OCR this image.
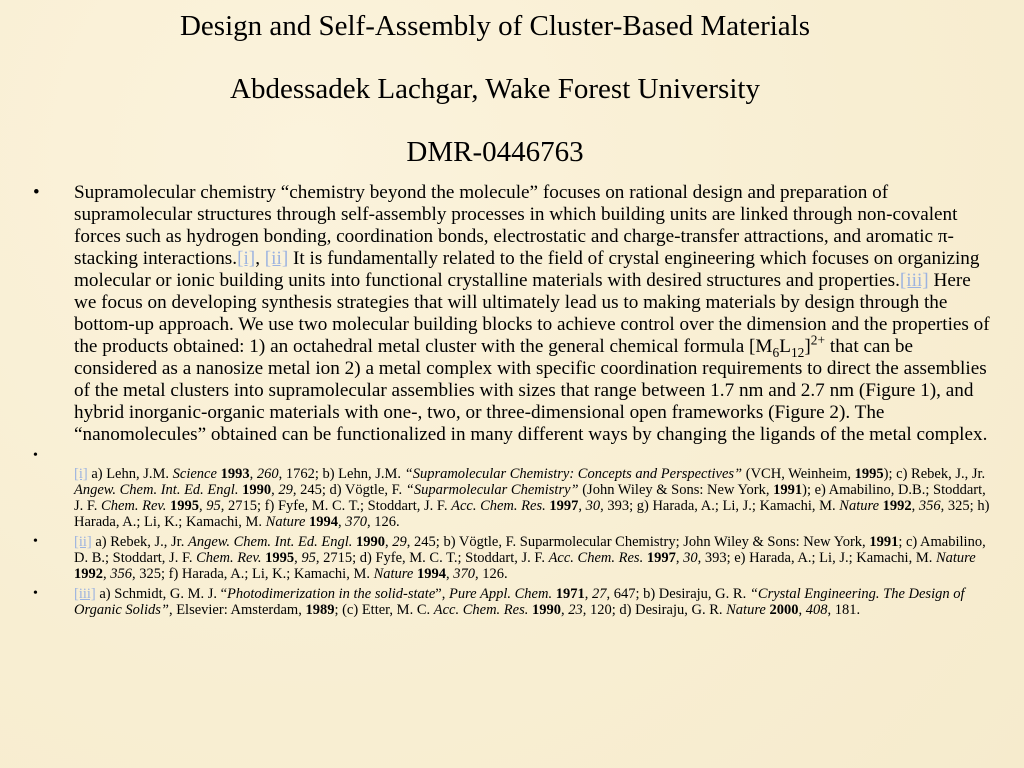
Design and Self-Assembly of Cluster-Based Materials
Abdessadek Lachgar, Wake Forest University
DMR-0446763
• Supramolecular chemistry “chemistry beyond the molecule” focuses on rational design and preparation of supramolecular structures through self-assembly processes in which building units are linked through non-covalent forces such as hydrogen bonding, coordination bonds, electrostatic and charge-transfer attractions, and aromatic π-stacking interactions.[i], [ii] It is fundamentally related to the field of crystal engineering which focuses on organizing molecular or ionic building units into functional crystalline materials with desired structures and properties.[iii] Here we focus on developing synthesis strategies that will ultimately lead us to making materials by design through the bottom-up approach. We use two molecular building blocks to achieve control over the dimension and the properties of the products obtained: 1) an octahedral metal cluster with the general chemical formula $[M_6L_{12}]^{2+}$ that can be considered as a nanosize metal ion 2) a metal complex with specific coordination requirements to direct the assemblies of the metal clusters into supramolecular assemblies with sizes that range between 1.7 nm and 2.7 nm (Figure 1), and hybrid inorganic-organic materials with one-, two, or three-dimensional open frameworks (Figure 2). The “nanomolecules” obtained can be functionalized in many different ways by changing the ligands of the metal complex.
•
[i] a) Lehn, J.M. Science 1993, 260, 1762; b) Lehn, J.M. “Supramolecular Chemistry: Concepts and Perspectives” (VCH, Weinheim, 1995); c) Rebek, J., Jr. Angew. Chem. Int. Ed. Engl. 1990, 29, 245; d) Vögtle, F. “Suparmolecular Chemistry” (John Wiley & Sons: New York, 1991); e) Amabilino, D.B.; Stoddart, J. F. Chem. Rev. 1995, 95, 2715; f) Fyfe, M. C. T.; Stoddart, J. F. Acc. Chem. Res. 1997, 30, 393; g) Harada, A.; Li, J.; Kamachi, M. Nature 1992, 356, 325; h) Harada, A.; Li, K.; Kamachi, M. Nature 1994, 370, 126.
• [ii] a) Rebek, J., Jr. Angew. Chem. Int. Ed. Engl. 1990, 29, 245; b) Vögtle, F. Suparmolecular Chemistry; John Wiley & Sons: New York, 1991; c) Amabilino, D. B.; Stoddart, J. F. Chem. Rev. 1995, 95, 2715; d) Fyfe, M. C. T.; Stoddart, J. F. Acc. Chem. Res. 1997, 30, 393; e) Harada, A.; Li, J.; Kamachi, M. Nature 1992, 356, 325; f) Harada, A.; Li, K.; Kamachi, M. Nature 1994, 370, 126.
• [iii] a) Schmidt, G. M. J. “Photodimerization in the solid-state”, Pure Appl. Chem. 1971, 27, 647; b) Desiraju, G. R. “Crystal Engineering. The Design of Organic Solids”, Elsevier: Amsterdam, 1989; (c) Etter, M. C. Acc. Chem. Res. 1990, 23, 120; d) Desiraju, G. R. Nature 2000, 408, 181.
